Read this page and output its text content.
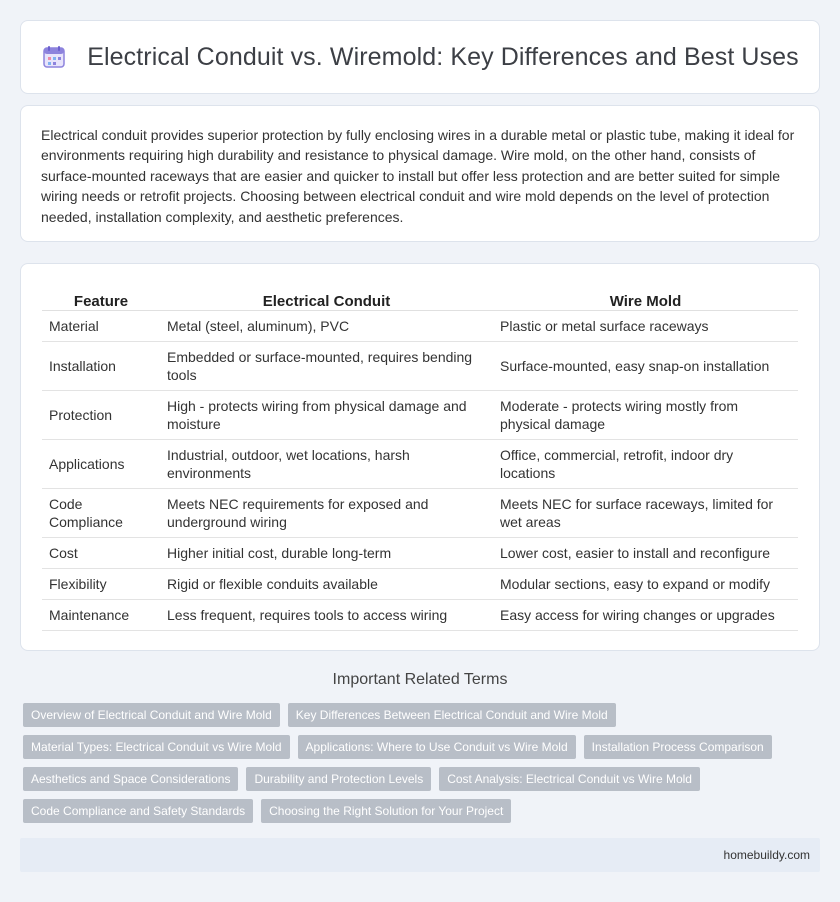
Electrical Conduit vs. Wiremold: Key Differences and Best Uses

Electrical conduit provides superior protection by fully enclosing wires in a durable metal or plastic tube, making it ideal for environments requiring high durability and resistance to physical damage. Wire mold, on the other hand, consists of surface-mounted raceways that are easier and quicker to install but offer less protection and are better suited for simple wiring needs or retrofit projects. Choosing between electrical conduit and wire mold depends on the level of protection needed, installation complexity, and aesthetic preferences.

Feature	Electrical Conduit	Wire Mold
Material	Metal (steel, aluminum), PVC	Plastic or metal surface raceways
Installation	Embedded or surface-mounted, requires bending tools	Surface-mounted, easy snap-on installation
Protection	High - protects wiring from physical damage and moisture	Moderate - protects wiring mostly from physical damage
Applications	Industrial, outdoor, wet locations, harsh environments	Office, commercial, retrofit, indoor dry locations
Code Compliance	Meets NEC requirements for exposed and underground wiring	Meets NEC for surface raceways, limited for wet areas
Cost	Higher initial cost, durable long-term	Lower cost, easier to install and reconfigure
Flexibility	Rigid or flexible conduits available	Modular sections, easy to expand or modify
Maintenance	Less frequent, requires tools to access wiring	Easy access for wiring changes or upgrades
Important Related Terms
Overview of Electrical Conduit and Wire Mold	Key Differences Between Electrical Conduit and Wire Mold
Material Types: Electrical Conduit vs Wire Mold	Applications: Where to Use Conduit vs Wire Mold	Installation Process Comparison
Aesthetics and Space Considerations	Durability and Protection Levels	Cost Analysis: Electrical Conduit vs Wire Mold
Code Compliance and Safety Standards	Choosing the Right Solution for Your Project
homebuildy.com
